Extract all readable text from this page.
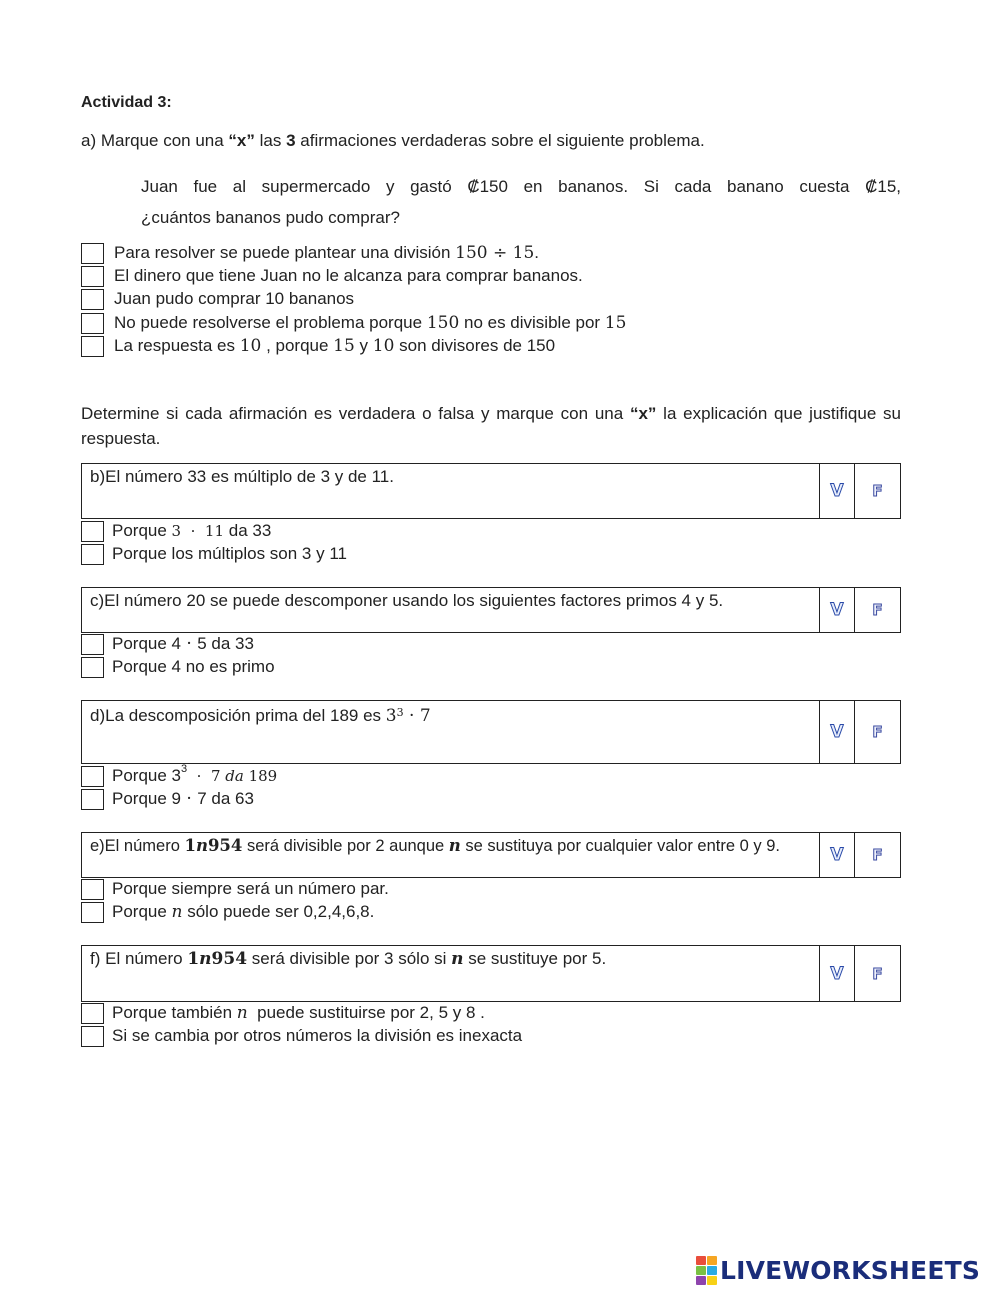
Actividad 3:
a) Marque con una “x” las 3 afirmaciones verdaderas sobre el siguiente problema.
Juan fue al supermercado y gastó ₡150 en bananos. Si cada banano cuesta ₡15,
¿cuántos bananos pudo comprar?
Para resolver se puede plantear una división 150 ÷ 15.
El dinero que tiene Juan no le alcanza para comprar bananos.
Juan pudo comprar 10 bananos
No puede resolverse el problema porque 150 no es divisible por 15
La respuesta es 10 , porque 15 y 10 son divisores de 150
Determine si cada afirmación es verdadera o falsa y marque con una “x” la explicación que justifique su respuesta.
b)El número 33 es múltiplo de 3 y de 11.
V F
Porque 3  ·  11 da 33
Porque los múltiplos son 3 y 11
c)El número 20 se puede descomponer usando los siguientes factores primos 4 y 5.	V F
Porque 4 · 5 da 33
Porque 4 no es primo
d)La descomposición prima del 189 es $3^3 \cdot 7$
V F
Porque $3^3 \cdot 7$ da 189
Porque 9 · 7 da 63
e)El número 1n954 será divisible por 2 aunque n se sustituya por cualquier valor entre 0 y 9.	V F
Porque siempre será un número par.
Porque n sólo puede ser 0,2,4,6,8.
f) El número 1n954 será divisible por 3 sólo si n se sustituye por 5.
V F
Porque también n  puede sustituirse por 2, 5 y 8 .
Si se cambia por otros números la división es inexacta
LIVEWORKSHEETS
